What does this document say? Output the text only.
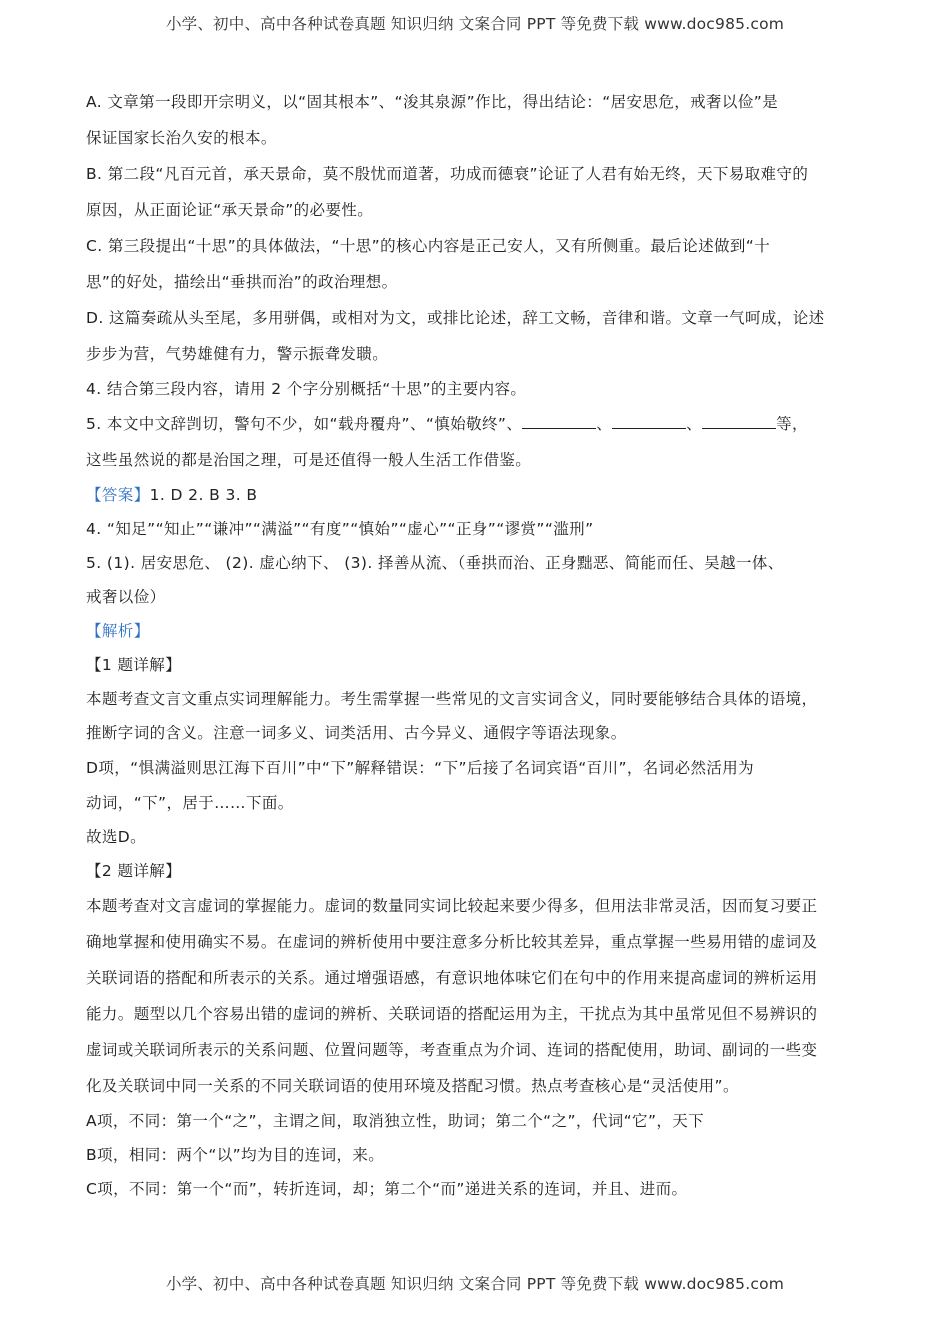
小学、初中、高中各种试卷真题 知识归纳 文案合同 PPT 等免费下载 www.doc985.com
A. 文章第一段即开宗明义，以“固其根本”、“浚其泉源”作比，得出结论：“居安思危，戒奢以俭”是
保证国家长治久安的根本。
B. 第二段“凡百元首，承天景命，莫不殷忧而道著，功成而德衰”论证了人君有始无终，天下易取难守的
原因，从正面论证“承天景命”的必要性。
C. 第三段提出“十思”的具体做法，“十思”的核心内容是正己安人，又有所侧重。最后论述做到“十
思”的好处，描绘出“垂拱而治”的政治理想。
D. 这篇奏疏从头至尾，多用骈偶，或相对为文，或排比论述，辞工文畅，音律和谐。文章一气呵成，论述
步步为营，气势雄健有力，警示振聋发聩。
4. 结合第三段内容，请用 2 个字分别概括“十思”的主要内容。
5. 本文中文辞剀切，警句不少，如“载舟覆舟”、“慎始敬终”、	、	、	等，
这些虽然说的都是治国之理，可是还值得一般人生活工作借鉴。
【答案】1. D 2. B 3. B
4. “知足”“知止”“谦冲”“满溢”“有度”“慎始”“虚心”“正身”“谬赏”“滥刑”
5. (1). 居安思危、 (2). 虚心纳下、 (3). 择善从流、（垂拱而治、正身黜恶、简能而任、吴越一体、
戒奢以俭）
【解析】
【1 题详解】
本题考查文言文重点实词理解能力。考生需掌握一些常见的文言实词含义，同时要能够结合具体的语境，
推断字词的含义。注意一词多义、词类活用、古今异义、通假字等语法现象。
D项，“惧满溢则思江海下百川”中“下”解释错误：“下”后接了名词宾语“百川”，名词必然活用为
动词，“下”，居于……下面。
故选D。
【2 题详解】
本题考查对文言虚词的掌握能力。虚词的数量同实词比较起来要少得多，但用法非常灵活，因而复习要正
确地掌握和使用确实不易。在虚词的辨析使用中要注意多分析比较其差异，重点掌握一些易用错的虚词及
关联词语的搭配和所表示的关系。通过增强语感，有意识地体味它们在句中的作用来提高虚词的辨析运用
能力。题型以几个容易出错的虚词的辨析、关联词语的搭配运用为主，干扰点为其中虽常见但不易辨识的
虚词或关联词所表示的关系问题、位置问题等，考查重点为介词、连词的搭配使用，助词、副词的一些变
化及关联词中同一关系的不同关联词语的使用环境及搭配习惯。热点考查核心是“灵活使用”。
A项，不同：第一个“之”，主谓之间，取消独立性，助词；第二个“之”，代词“它”，天下
B项，相同：两个“以”均为目的连词，来。
C项，不同：第一个“而”，转折连词，却；第二个“而”递进关系的连词，并且、进而。
小学、初中、高中各种试卷真题 知识归纳 文案合同 PPT 等免费下载 www.doc985.com
